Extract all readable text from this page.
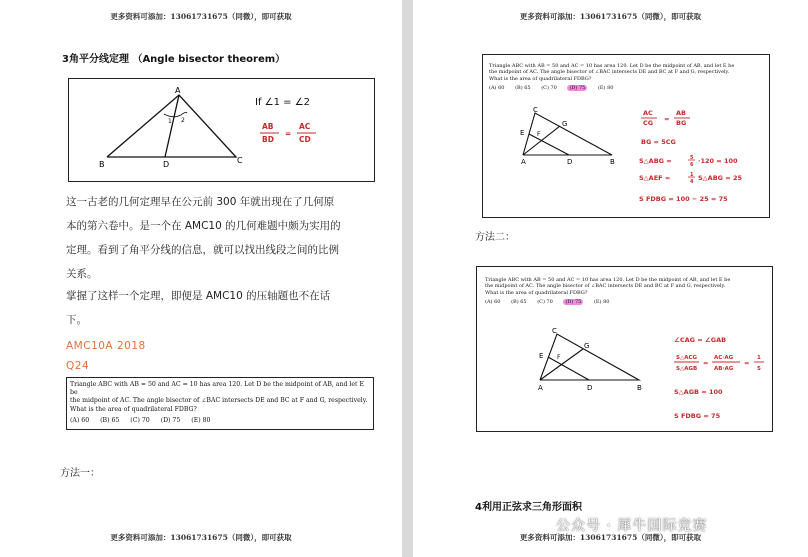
更多资料可添加：13061731675（同微），即可获取
3角平分线定理 （Angle bisector theorem）
A
B	D	C
1 2
If ∠1 = ∠2
AB
BD
=
AC
CD
这一古老的几何定理早在公元前 300 年就出现在了几何原本的第六卷中。是一个在 AMC10 的几何难题中颇为实用的定理。看到了角平分线的信息，就可以找出线段之间的比例关系。
掌握了这样一个定理，即便是 AMC10 的压轴题也不在话下。
AMC10A 2018
Q24
Triangle ABC with AB = 50 and AC = 10 has area 120. Let D be the midpoint of AB, and let E be
the midpoint of AC. The angle bisector of ∠BAC intersects DE and BC at F and G, respectively.
What is the area of quadrilateral FDBG?
(A) 60 (B) 65 (C) 70 (D) 75 (E) 80
方法一：
更多资料可添加：13061731675（同微），即可获取
更多资料可添加：13061731675（同微），即可获取
Triangle ABC with AB = 50 and AC = 10 has area 120. Let D be the midpoint of AB, and let E be
the midpoint of AC. The angle bisector of ∠BAC intersects DE and BC at F and G, respectively.
What is the area of quadrilateral FDBG?
(A) 60 (B) 65 (C) 70	(D) 75	(E) 80
C
E F
G
A	D	B
AC
CG =
AB
BG
BG = 5CG
S△ABG =	5
6 ·120 = 100
S△AEF =	1
4 S△ABG = 25
S FDBG = 100 − 25 = 75
方法二：
Triangle ABC with AB = 50 and AC = 10 has area 120. Let D be the midpoint of AB, and let E be
the midpoint of AC. The angle bisector of ∠BAC intersects DE and BC at F and G, respectively.
What is the area of quadrilateral FDBG?
(A) 60 (B) 65 (C) 70	(D) 75	(E) 80
C
E F
G
A	D	B
∠CAG = ∠GAB
S△ACG
S△AGB
=
AC·AG
AB·AG
=
1
5
S△AGB = 100
S FDBG = 75
4利用正弦求三角形面积
更多资料可添加：13061731675（同微），即可获取
公众号 · 犀牛国际竞赛
